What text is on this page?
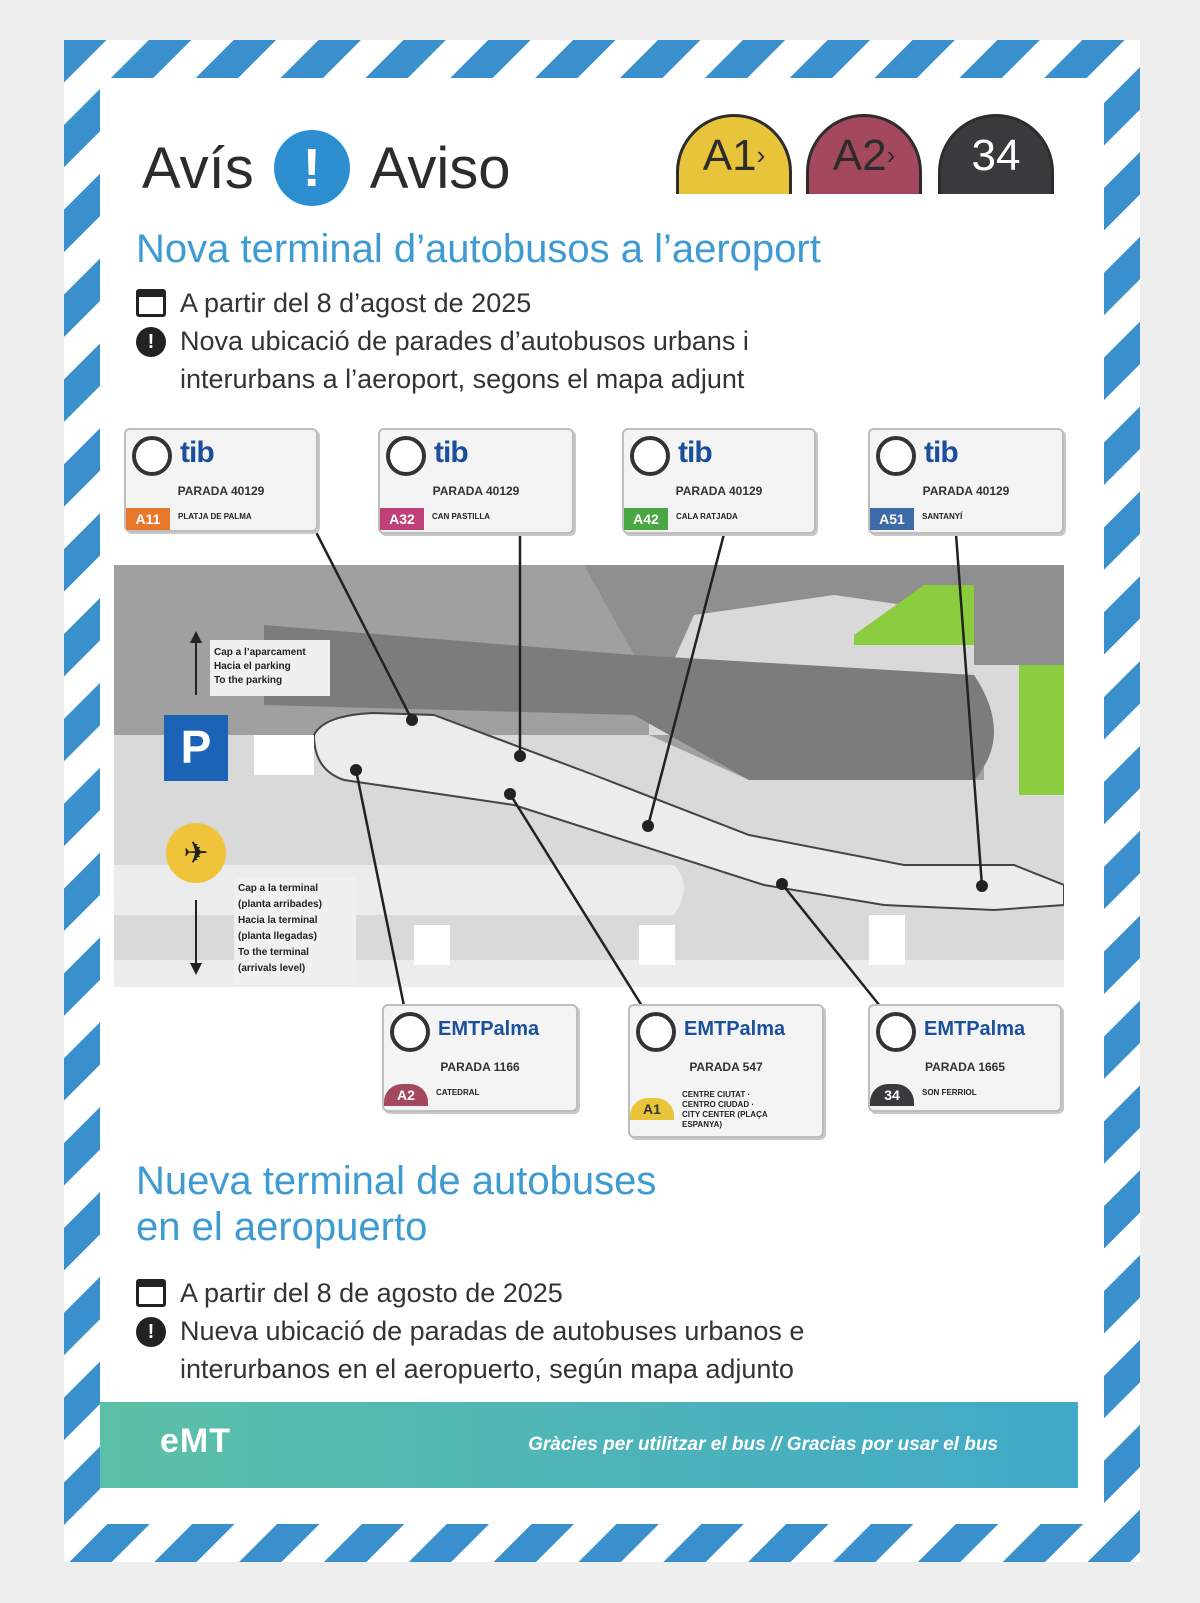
Avís ! Aviso	A1 › A2 › 34
Nova terminal d’autobusos a l’aeroport
A partir del 8 d’agost de 2025
! Nova ubicació de parades d’autobusos urbans i
interurbans a l’aeroport, segons el mapa adjunt
P
✈
Cap a l’aparcament Hacia el parking To the parking
Cap a la terminal (planta arribades) Hacia la terminal (planta llegadas) To the terminal (arrivals level)
tib
PARADA 40129
A11	PLATJA DE PALMA
tib
PARADA 40129
A32	CAN PASTILLA
tib
PARADA 40129
A42	CALA RATJADA
tib
PARADA 40129
A51	SANTANYÍ
EMTPalma
PARADA 1166
A2	CATEDRAL
EMTPalma
PARADA 547
A1
CENTRE CIUTAT · CENTRO CIUDAD · CITY CENTER (PLAÇA ESPANYA)
EMTPalma
PARADA 1665
34	SON FERRIOL
Nueva terminal de autobuses
en el aeropuerto
A partir del 8 de agosto de 2025
! Nueva ubicació de paradas de autobuses urbanos e
interurbanos en el aeropuerto, según mapa adjunto
eMT	Gràcies per utilitzar el bus // Gracias por usar el bus
